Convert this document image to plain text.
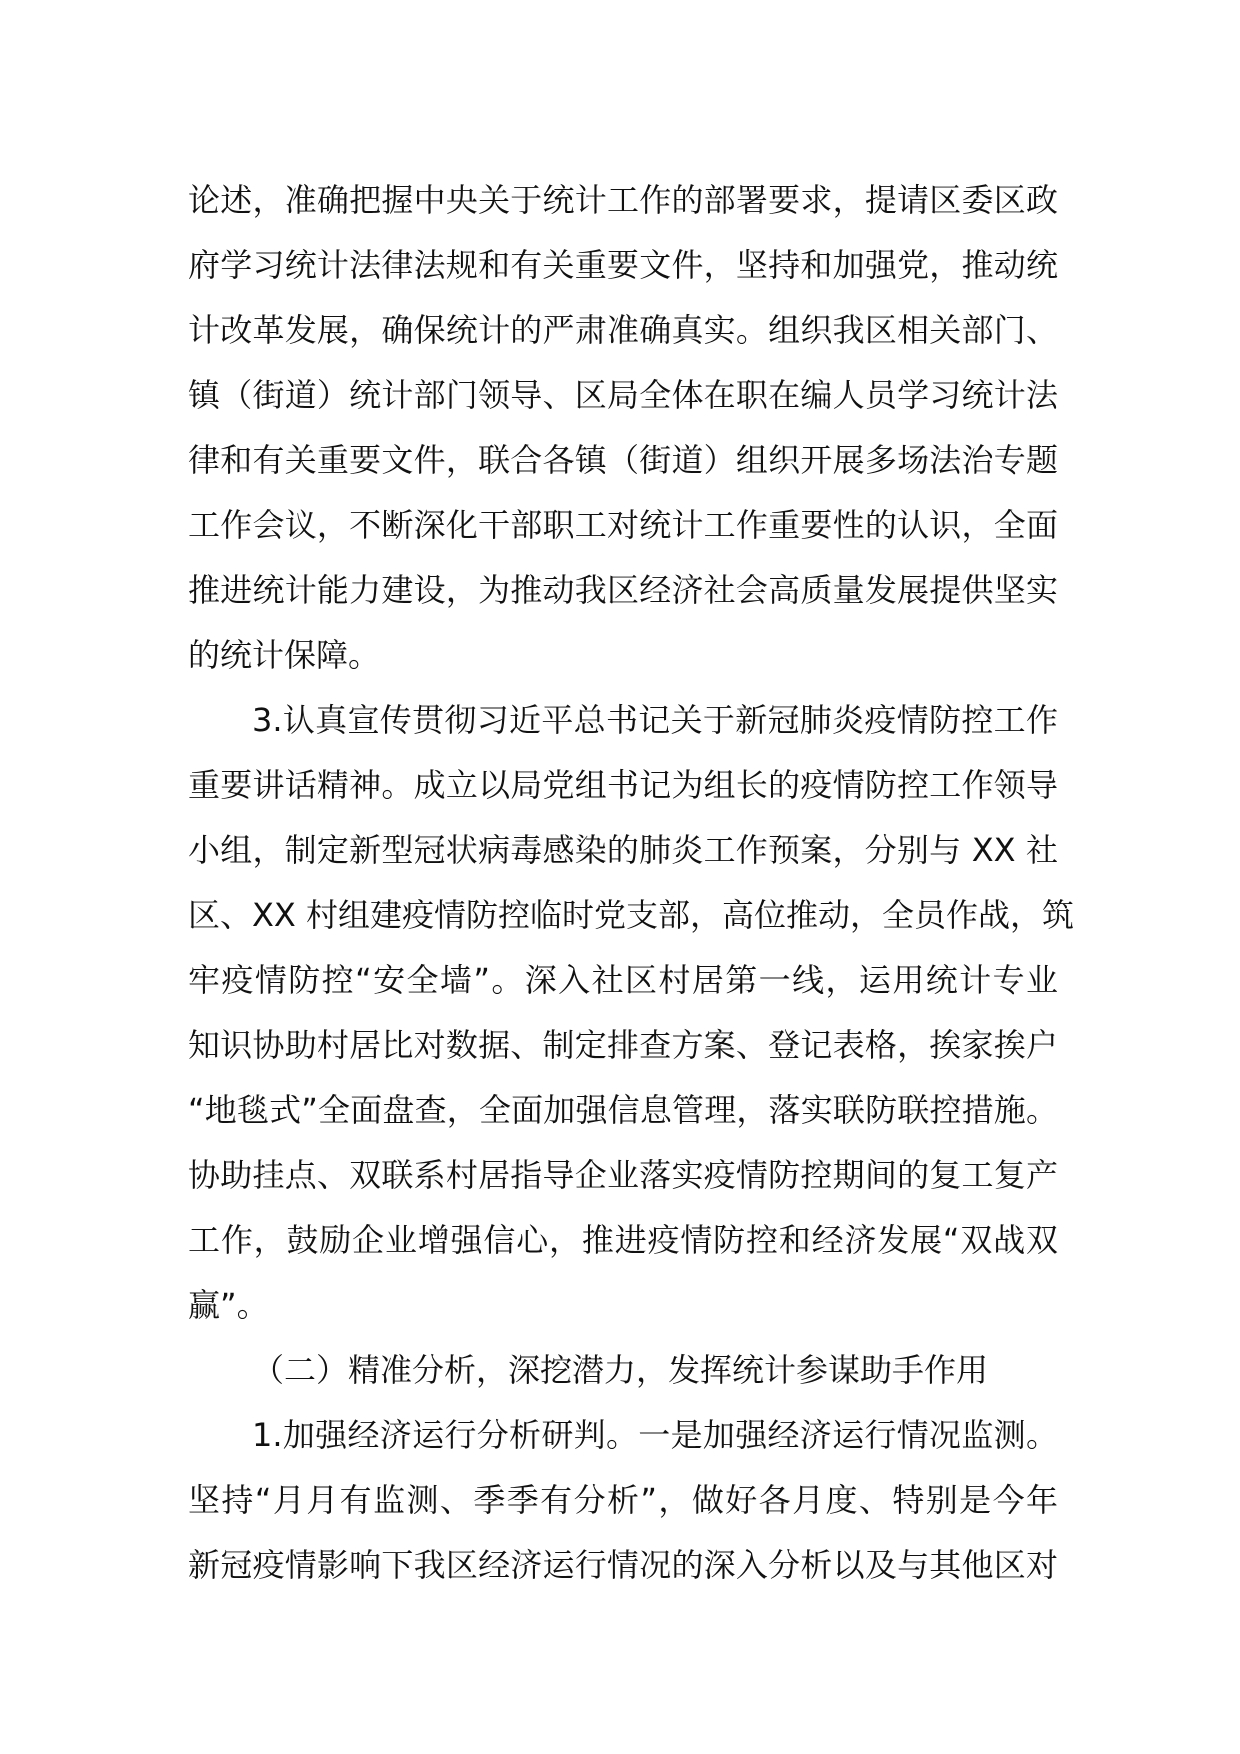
论述，准确把握中央关于统计工作的部署要求，提请区委区政
府学习统计法律法规和有关重要文件，坚持和加强党，推动统
计改革发展，确保统计的严肃准确真实。组织我区相关部门、
镇（街道）统计部门领导、区局全体在职在编人员学习统计法
律和有关重要文件，联合各镇（街道）组织开展多场法治专题
工作会议，不断深化干部职工对统计工作重要性的认识，全面
推进统计能力建设，为推动我区经济社会高质量发展提供坚实
的统计保障。
3.认真宣传贯彻习近平总书记关于新冠肺炎疫情防控工作
重要讲话精神。成立以局党组书记为组长的疫情防控工作领导
小组，制定新型冠状病毒感染的肺炎工作预案，分别与 XX 社
区、XX 村组建疫情防控临时党支部，高位推动，全员作战，筑
牢疫情防控“安全墙”。深入社区村居第一线，运用统计专业
知识协助村居比对数据、制定排查方案、登记表格，挨家挨户
“地毯式”全面盘查，全面加强信息管理，落实联防联控措施。
协助挂点、双联系村居指导企业落实疫情防控期间的复工复产
工作，鼓励企业增强信心，推进疫情防控和经济发展“双战双
赢”。
（二）精准分析，深挖潜力，发挥统计参谋助手作用
1.加强经济运行分析研判。一是加强经济运行情况监测。
坚持“月月有监测、季季有分析”，做好各月度、特别是今年
新冠疫情影响下我区经济运行情况的深入分析以及与其他区对
